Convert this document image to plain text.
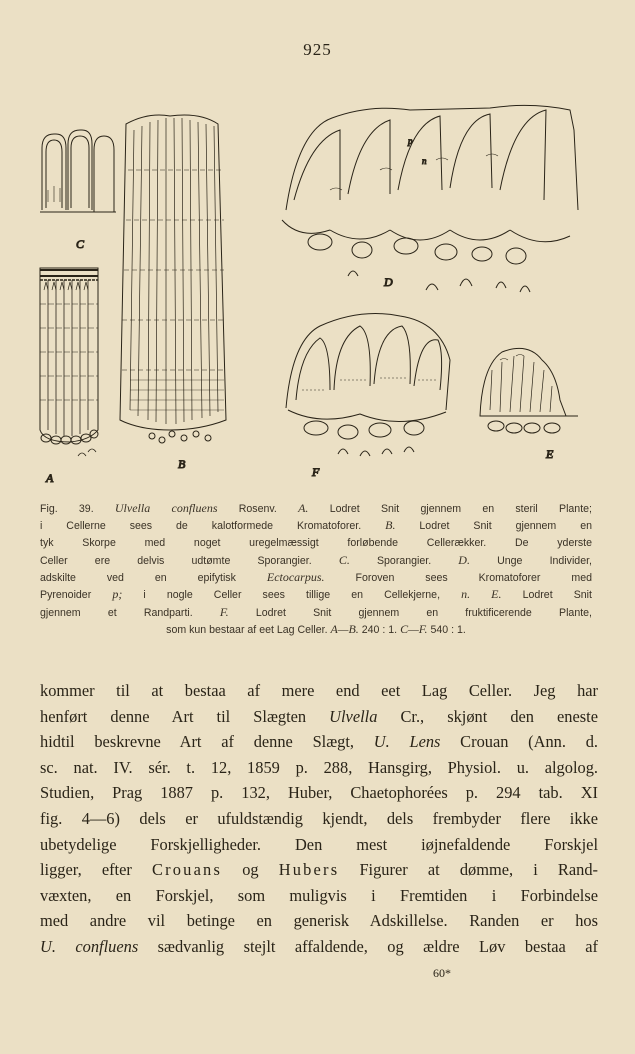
925
C
A
B
D
p
n
F
E
Fig. 39. Ulvella confluens Rosenv. A. Lodret Snit gjennem en steril Plante;
i Cellerne sees de kalotformede Kromatoforer. B. Lodret Snit gjennem en
tyk Skorpe med noget uregelmæssigt forløbende Cellerækker. De yderste
Celler ere delvis udtømte Sporangier. C.	Sporangier. D.	Unge Individer,
adskilte ved en epifytisk	Ectocarpus.	Foroven sees Kromatoforer med
Pyrenoider p; i nogle Celler sees tillige en Cellekjerne, n. E. Lodret Snit
gjennem et Randparti. F.	Lodret Snit gjennem en fruktificerende Plante,
som kun bestaar af eet Lag Celler. A—B. 240 : 1. C—F. 540 : 1.
kommer til at bestaa af mere end eet Lag Celler. Jeg har
henført denne Art til Slægten Ulvella Cr., skjønt den eneste
hidtil beskrevne Art af denne Slægt, U. Lens Crouan (Ann. d.
sc. nat. IV. sér. t. 12, 1859 p. 288, Hansgirg, Physiol. u. algolog.
Studien, Prag 1887 p. 132, Huber, Chaetophorées p. 294 tab. XI
fig. 4—6) dels er ufuldstændig kjendt, dels frembyder flere ikke
ubetydelige Forskjelligheder. Den mest iøjnefaldende Forskjel
ligger, efter Crouans og Hubers Figurer at dømme, i Rand-
væxten, en Forskjel, som muligvis i Fremtiden i Forbindelse
med andre vil betinge en generisk Adskillelse. Randen er hos
U. confluens sædvanlig stejlt affaldende, og ældre Løv bestaa af
60*
